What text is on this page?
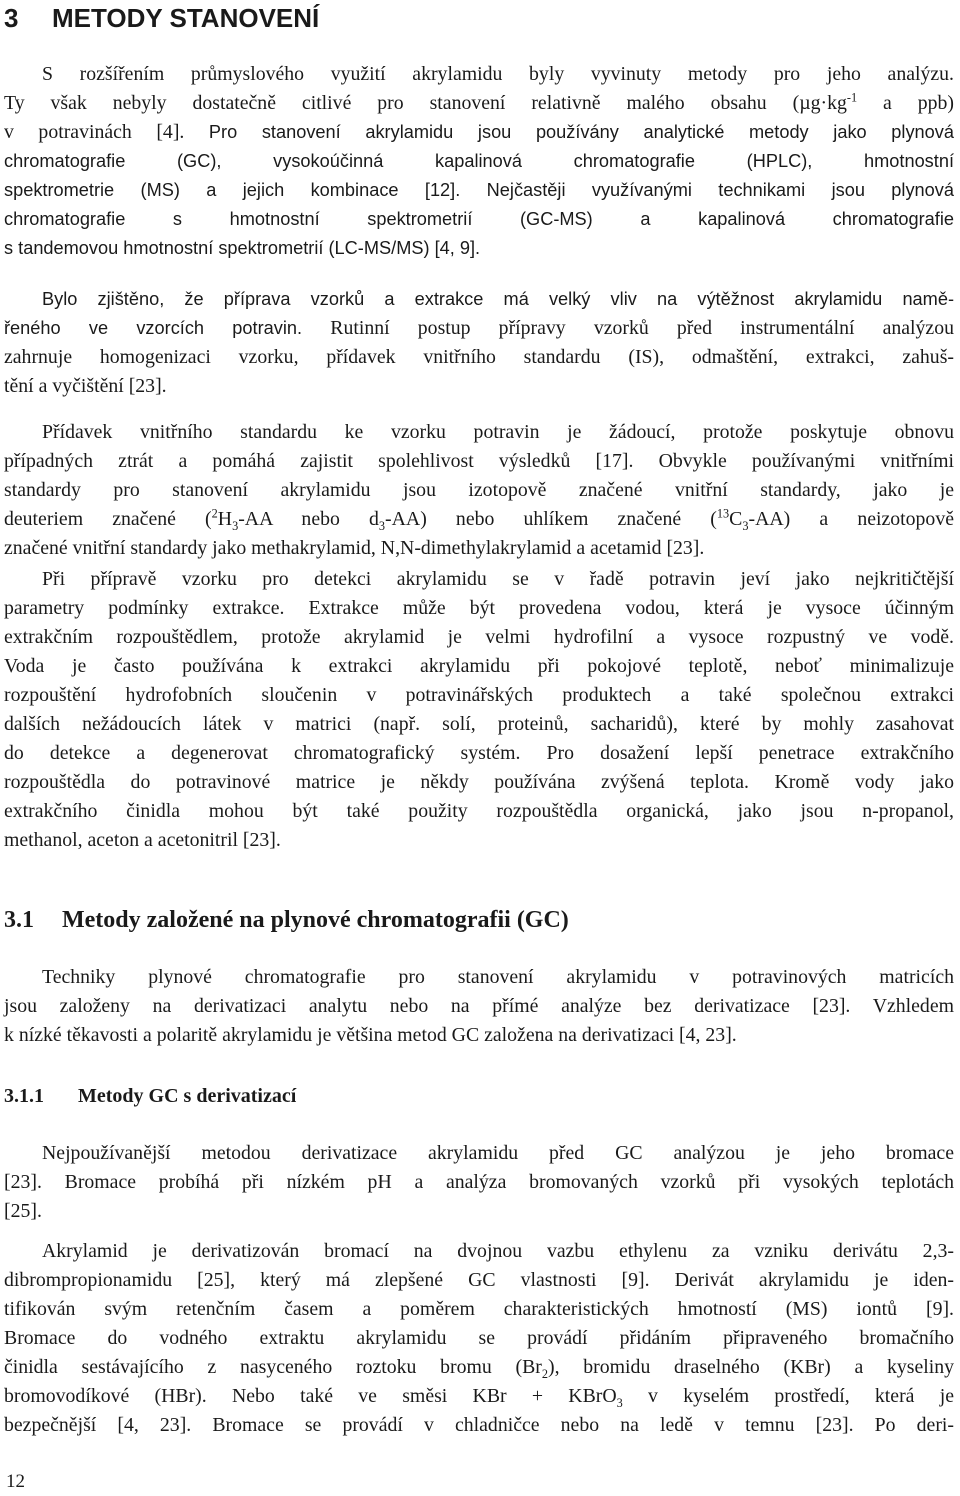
3 METODY STANOVENÍ
S rozšířením průmyslového využití akrylamidu byly vyvinuty metody pro jeho analýzu.
Ty však nebyly dostatečně citlivé pro stanovení relativně malého obsahu ($\mu g\cdot kg^{-1}$ a ppb)
v potravinách [4]. Pro stanovení akrylamidu jsou používány analytické metody jako plynová
chromatografie (GC), vysokoúčinná kapalinová chromatografie (HPLC), hmotnostní
spektrometrie (MS) a jejich kombinace [12]. Nejčastěji využívanými technikami jsou plynová
chromatografie s hmotnostní spektrometrií (GC-MS) a kapalinová chromatografie
s tandemovou hmotnostní spektrometrií (LC-MS/MS) [4, 9].
Bylo zjištěno, že příprava vzorků a extrakce má velký vliv na výtěžnost akrylamidu namě-
řeného ve vzorcích potravin. Rutinní postup přípravy vzorků před instrumentální analýzou
zahrnuje homogenizaci vzorku, přídavek vnitřního standardu (IS), odmaštění, extrakci, zahuš-
tění a vyčištění [23].
Přídavek vnitřního standardu ke vzorku potravin je žádoucí, protože poskytuje obnovu
případných ztrát a pomáhá zajistit spolehlivost výsledků [17]. Obvykle používanými vnitřními
standardy pro stanovení akrylamidu jsou izotopově značené vnitřní standardy, jako je
deuteriem značené ($^2H_3-AA$ nebo $d_3-AA$) nebo uhlíkem značené $(^{13}C_3-AA)$ a neizotopově
značené vnitřní standardy jako methakrylamid, N,N-dimethylakrylamid a acetamid [23].
Při přípravě vzorku pro detekci akrylamidu se v řadě potravin jeví jako nejkritičtější
parametry podmínky extrakce. Extrakce může být provedena vodou, která je vysoce účinným
extrakčním rozpouštědlem, protože akrylamid je velmi hydrofilní a vysoce rozpustný ve vodě.
Voda je často používána k extrakci akrylamidu při pokojové teplotě, neboť minimalizuje
rozpouštění hydrofobních sloučenin v potravinářských produktech a také společnou extrakci
dalších nežádoucích látek v matrici (např. solí, proteinů, sacharidů), které by mohly zasahovat
do detekce a degenerovat chromatografický systém. Pro dosažení lepší penetrace extrakčního
rozpouštědla do potravinové matrice je někdy používána zvýšená teplota. Kromě vody jako
extrakčního činidla mohou být také použity rozpouštědla organická, jako jsou n-propanol,
methanol, aceton a acetonitril [23].
3.1 Metody založené na plynové chromatografii (GC)
Techniky plynové chromatografie pro stanovení akrylamidu v potravinových matricích
jsou založeny na derivatizaci analytu nebo na přímé analýze bez derivatizace [23]. Vzhledem
k nízké těkavosti a polaritě akrylamidu je většina metod GC založena na derivatizaci [4, 23].
3.1.1 Metody GC s derivatizací
Nejpoužívanější metodou derivatizace akrylamidu před GC analýzou je jeho bromace
[23]. Bromace probíhá při nízkém pH a analýza bromovaných vzorků při vysokých teplotách
[25].
Akrylamid je derivatizován bromací na dvojnou vazbu ethylenu za vzniku derivátu 2,3-
dibrompropionamidu [25], který má zlepšené GC vlastnosti [9]. Derivát akrylamidu je iden-
tifikován svým retenčním časem a poměrem charakteristických hmotností (MS) iontů [9].
Bromace do vodného extraktu akrylamidu se provádí přidáním připraveného bromačního
činidla sestávajícího z nasyceného roztoku bromu $(Br_2)$, bromidu draselného (KBr) a kyseliny
bromovodíkové (HBr). Nebo také ve směsi KBr + KBrO$_3$ v kyselém prostředí, která je
bezpečnější [4, 23]. Bromace se provádí v chladničce nebo na ledě v temnu [23]. Po deri-
12
